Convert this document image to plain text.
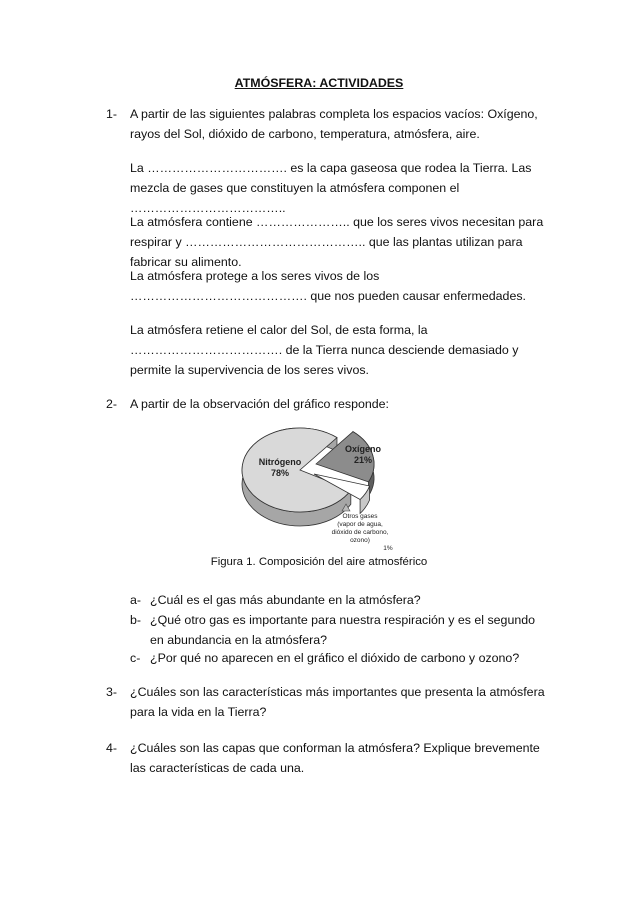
ATMÓSFERA: ACTIVIDADES
1- A partir de las siguientes palabras completa los espacios vacíos: Oxígeno, rayos del Sol, dióxido de carbono, temperatura, atmósfera, aire.
La ……………………………. es la capa gaseosa que rodea la Tierra. Las mezcla de gases que constituyen la atmósfera componen el ………………………………..
La atmósfera contiene ………………….. que los seres vivos necesitan para respirar y …………………………………….. que las plantas utilizan para fabricar su alimento.
La atmósfera protege a los seres vivos de los ……………………………………. que nos pueden causar enfermedades.
La atmósfera retiene el calor del Sol, de esta forma, la ………………………………. de la Tierra nunca desciende demasiado y permite la supervivencia de los seres vivos.
2- A partir de la observación del gráfico responde:
Nitrógeno
78%
Oxígeno
21%
Otros gases
(vapor de agua,
dióxido de carbono,
ozono)
1%
Figura 1. Composición del aire atmosférico
a- ¿Cuál es el gas más abundante en la atmósfera?
b- ¿Qué otro gas es importante para nuestra respiración y es el segundo en abundancia en la atmósfera?
c- ¿Por qué no aparecen en el gráfico el dióxido de carbono y ozono?
3- ¿Cuáles son las características más importantes que presenta la atmósfera para la vida en la Tierra?
4- ¿Cuáles son las capas que conforman la atmósfera? Explique brevemente las características de cada una.
